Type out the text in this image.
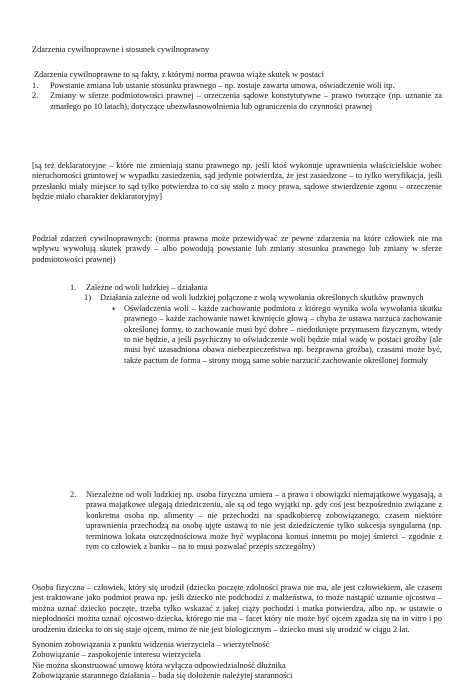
Zdarzenia cywilnoprawne i stosunek cywilnoprawny

Zdarzenia cywilnoprawne to są fakty, z którymi norma prawna wiąże skutek w postaci

1. Powstanie zmiana lub ustanie stosunku prawnego – np. zostaje zawarta umowa, oświadczenie woli itp.
2. Zmiany w sferze podmiotowości prawnej – orzeczenia sądowe konstytutywne – prawo tworzące (np. uznanie za zmarłego po 10 latach), dotyczące ubezwłasnowolnienia lub ograniczenia do czynności prawnej

[są też deklaratoryjne – które nie zmieniają stanu prawnego np. jeśli ktoś wykonuje uprawnienia właścicielskie wobec nieruchomości gruntowej w wypadku zasiedzenia, sąd jedynie potwierdza, że jest zasiedzone – to tylko weryfikacja, jeśli przesłanki miały miejsce to sąd tylko potwierdza to co się stało z mocy prawa, sądowe stwierdzenie zgonu – orzeczenie będzie miało charakter deklaratoryjny]

Podział zdarzeń cywilnoprawnych: (norma prawna może przewidywać ze pewne zdarzenia na które człowiek nie ma wpływu wywołują skutek prawdy – albo powodują powstanie lub zmiany stosunku prawnego lub zmiany w sferze podmiotowości prawnej)

1. Zależne od woli ludzkiej – działania
1) Działania zależne od woli ludzkiej połączone z wolą wywołania określonych skutków prawnych
• Oświadczenia woli – każde zachowanie podmiotu z którego wynika wola wywołania skutku prawnego – każde zachowanie nawet kiwnięcie głową – chyba że ustawa narzuca zachowanie określonej formy, to zachowanie musi być dobre – niedotknięte przymusem fizycznym, wtedy to nie będzie, a jeśli psychiczny to oświadczenie woli będzie miał wadę w postaci groźby (ale musi być uzasadniona obawa niebezpieczeństwa np. bezprawna groźba), czasami może być, także pactum de forma – strony mogą same sobie narzucić zachowanie określonej formuły
2. Niezależne od woli ludzkiej np. osoba fizyczna umiera – a prawa i obowiązki niemajątkowe wygasają, a prawa majątkowe ulegają dziedziczeniu, ale są od tego wyjątki np. gdy coś jest bezpośrednio związane z konkretna osoba np. alimenty – nie przechodzi na spadkobiercę zobowiązanego, czasem niektóre uprawnienia przechodzą na osobę ujęte ustawą to nie jest dziedziczenie tylko sukcesja syngularna (np. terminowa lokata oszczędnościowa może być wypłacona komuś innemu po mojej śmierci – zgodnie z tym co człowiek z banku – na to musi pozwalać przepis szczególny)

Osoba fizyczna – człowiek, który się urodził (dziecko poczęte zdolności prawa nie ma, ale jest człowiekiem, ale czasem jest traktowane jako podmiot prawa np. jeśli dziecko nie podchodzi z małżeństwa, to może nastąpić uznanie ojcostwa – można uznać dziecko poczęte, trzeba tylko wskazać z jakej ciąży pochodzi i matka potwierdza, albo np. w ustawie o niepłodności można uznać ojcostwo dziecka, którego nie ma – facet który nie może być ojcem zgadza się na in vitro i po urodzeniu dziecka to on się staje ojcem, mimo że nie jest biologicznym – dziecko musi się urodzić w ciągu 2 lat.

Synonim zobowiązania z punktu widzenia wierzyciela – wierzytelność

Zobowiązanie – zaspokojenie interesu wierzyciela

Nie można skonstruować umowę która wyłącza odpowiedzialność dłużnika

Zobowiązanie starannego działania – bada się dołożenie należytej staranności
